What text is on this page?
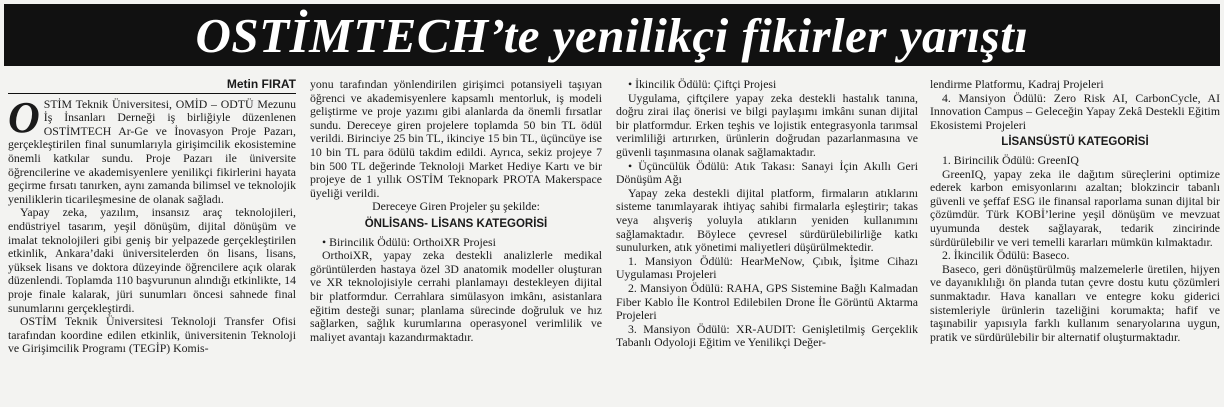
OSTİMTECH’te yenilikçi fikirler yarıştı
Metin FIRAT

OSTİM Teknik Üniversitesi, OMİD – ODTÜ Mezunu İş İnsanları Derneği iş birliğiyle düzenlenen OSTİMTECH Ar-Ge ve İnovasyon Proje Pazarı, gerçekleştirilen final sunumlarıyla girişimcilik ekosistemine önemli katkılar sundu. Proje Pazarı ile üniversite öğrencilerine ve akademisyenlere yenilikçi fikirlerini hayata geçirme fırsatı tanırken, aynı zamanda bilimsel ve teknolojik yeniliklerin ticarileşmesine de olanak sağladı.

Yapay zeka, yazılım, insansız araç teknolojileri, endüstriyel tasarım, yeşil dönüşüm, dijital dönüşüm ve imalat teknolojileri gibi geniş bir yelpazede gerçekleştirilen etkinlik, Ankara’daki üniversitelerden ön lisans, lisans, yüksek lisans ve doktora düzeyinde öğrencilere açık olarak düzenlendi. Toplamda 110 başvurunun alındığı etkinlikte, 14 proje finale kalarak, jüri sunumları öncesi sahnede final sunumlarını gerçekleştirdi.

OSTİM Teknik Üniversitesi Teknoloji Transfer Ofisi tarafından koordine edilen etkinlik, üniversitenin Teknoloji ve Girişimcilik Programı (TEGİP) Komis-

yonu tarafından yönlendirilen girişimci potansiyeli taşıyan öğrenci ve akademisyenlere kapsamlı mentorluk, iş modeli geliştirme ve proje yazımı gibi alanlarda da önemli fırsatlar sundu. Dereceye giren projelere toplamda 50 bin TL ödül verildi. Birinciye 25 bin TL, ikinciye 15 bin TL, üçüncüye ise 10 bin TL para ödülü takdim edildi. Ayrıca, sekiz projeye 7 bin 500 TL değerinde Teknoloji Market Hediye Kartı ve bir projeye de 1 yıllık OSTİM Teknopark PROTA Makerspace üyeliği verildi.

Dereceye Giren Projeler şu şekilde:

ÖNLİSANS- LİSANS KATEGORİSİ

• Birincilik Ödülü: OrthoiXR Projesi

OrthoiXR, yapay zeka destekli analizlerle medikal görüntülerden hastaya özel 3D anatomik modeller oluşturan ve XR teknolojisiyle cerrahi planlamayı destekleyen dijital bir platformdur. Cerrahlara simülasyon imkânı, asistanlara eğitim desteği sunar; planlama sürecinde doğruluk ve hız sağlarken, sağlık kurumlarına operasyonel verimlilik ve maliyet avantajı kazandırmaktadır.

• İkincilik Ödülü: Çiftçi Projesi

Uygulama, çiftçilere yapay zeka destekli hastalık tanına, doğru zirai ilaç önerisi ve bilgi paylaşımı imkânı sunan dijital bir platformdur. Erken teşhis ve lojistik entegrasyonla tarımsal verimliliği artırırken, ürünlerin doğrudan pazarlanmasına ve güvenli taşınmasına olanak sağlamaktadır.

• Üçüncülük Ödülü: Atık Takası: Sanayi İçin Akıllı Geri Dönüşüm Ağı

Yapay zeka destekli dijital platform, firmaların atıklarını sisteme tanımlayarak ihtiyaç sahibi firmalarla eşleştirir; takas veya alışveriş yoluyla atıkların yeniden kullanımını sağlamaktadır. Böylece çevresel sürdürülebilirliğe katkı sunulurken, atık yönetimi maliyetleri düşürülmektedir.

1. Mansiyon Ödülü: HearMeNow, Çıbık, İşitme Cihazı Uygulaması Projeleri

2. Mansiyon Ödülü: RAHA, GPS Sistemine Bağlı Kalmadan Fiber Kablo İle Kontrol Edilebilen Drone İle Görüntü Aktarma Projeleri

3. Mansiyon Ödülü: XR-AUDIT: Genişletilmiş Gerçeklik Tabanlı Odyoloji Eğitim ve Yenilikçi Değer-

lendirme Platformu, Kadraj Projeleri

4. Mansiyon Ödülü: Zero Risk AI, CarbonCycle, AI Innovation Campus – Geleceğin Yapay Zekâ Destekli Eğitim Ekosistemi Projeleri

LİSANSÜSTÜ KATEGORİSİ

1. Birincilik Ödülü: GreenIQ

GreenIQ, yapay zeka ile dağıtım süreçlerini optimize ederek karbon emisyonlarını azaltan; blokzincir tabanlı güvenli ve şeffaf ESG ile finansal raporlama sunan dijital bir çözümdür. Türk KOBİ’lerine yeşil dönüşüm ve mevzuat uyumunda destek sağlayarak, tedarik zincirinde sürdürülebilir ve veri temelli kararları mümkün kılmaktadır.

2. İkincilik Ödülü: Baseco.

Baseco, geri dönüştürülmüş malzemelerle üretilen, hijyen ve dayanıklılığı ön planda tutan çevre dostu kutu çözümleri sunmaktadır. Hava kanalları ve entegre koku giderici sistemleriyle ürünlerin tazeliğini korumakta; hafif ve taşınabilir yapısıyla farklı kullanım senaryolarına uygun, pratik ve sürdürülebilir bir alternatif oluşturmaktadır.
